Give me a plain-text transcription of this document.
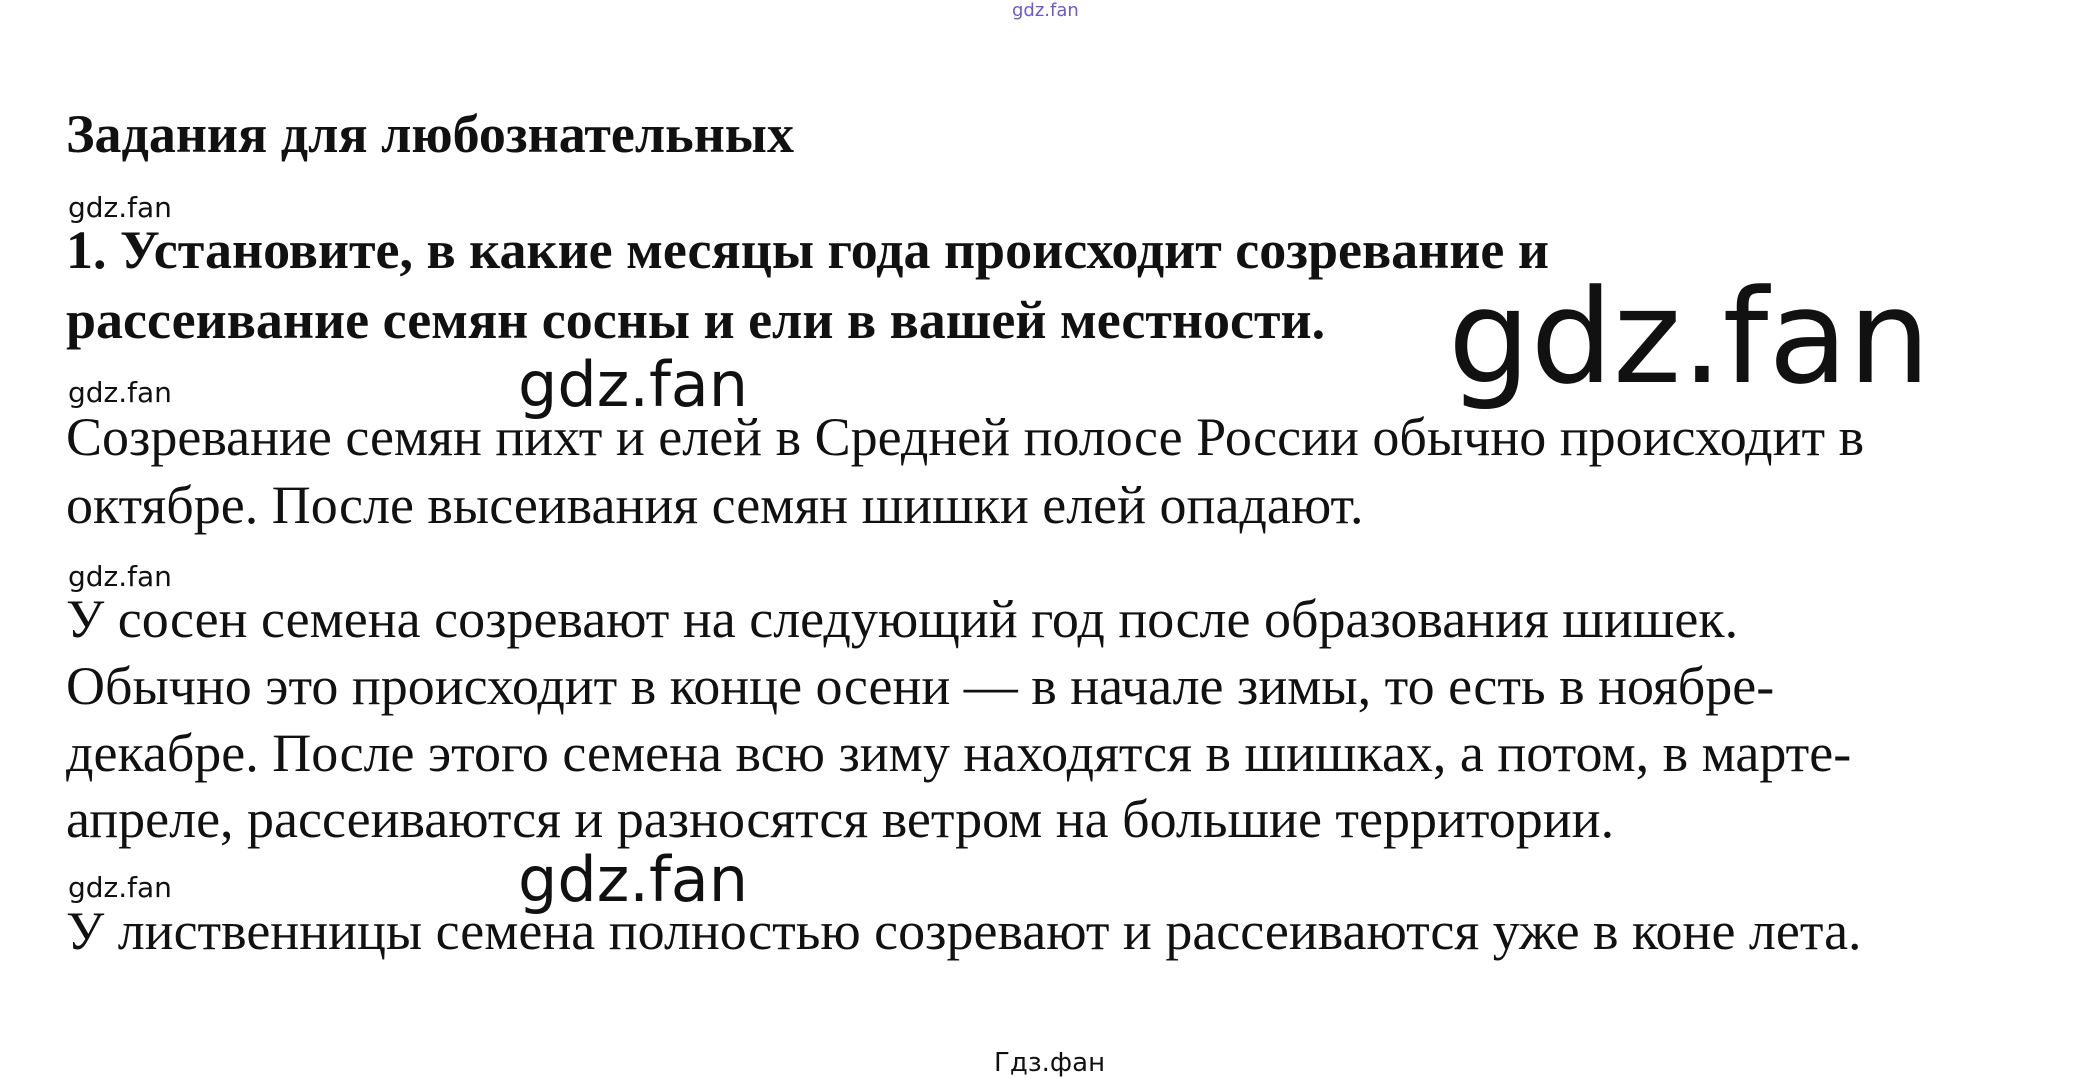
gdz.fan
Задания для любознательных
gdz.fan
1. Установите, в какие месяцы года происходит созревание и
рассеивание семян сосны и ели в вашей местности. gdz.fan
gdz.fan	gdz.fan
Созревание семян пихт и елей в Средней полосе России обычно происходит в
октябре. После высеивания семян шишки елей опадают.
gdz.fan
У сосен семена созревают на следующий год после образования шишек.
Обычно это происходит в конце осени — в начале зимы, то есть в ноябре-
декабре. После этого семена всю зиму находятся в шишках, а потом, в марте-
апреле, рассеиваются и разносятся ветром на большие территории.
gdz.fan	gdz.fan
У лиственницы семена полностью созревают и рассеиваются уже в коне лета.
Гдз.фан
